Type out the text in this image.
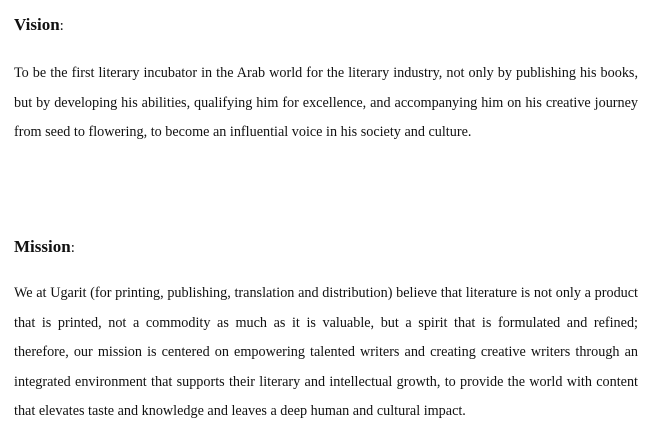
Vision:

To be the first literary incubator in the Arab world for the literary industry, not only by publishing his books, but by developing his abilities, qualifying him for excellence, and accompanying him on his creative journey from seed to flowering, to become an influential voice in his society and culture.

Mission:

We at Ugarit (for printing, publishing, translation and distribution) believe that literature is not only a product that is printed, not a commodity as much as it is valuable, but a spirit that is formulated and refined; therefore, our mission is centered on empowering talented writers and creating creative writers through an integrated environment that supports their literary and intellectual growth, to provide the world with content that elevates taste and knowledge and leaves a deep human and cultural impact.
